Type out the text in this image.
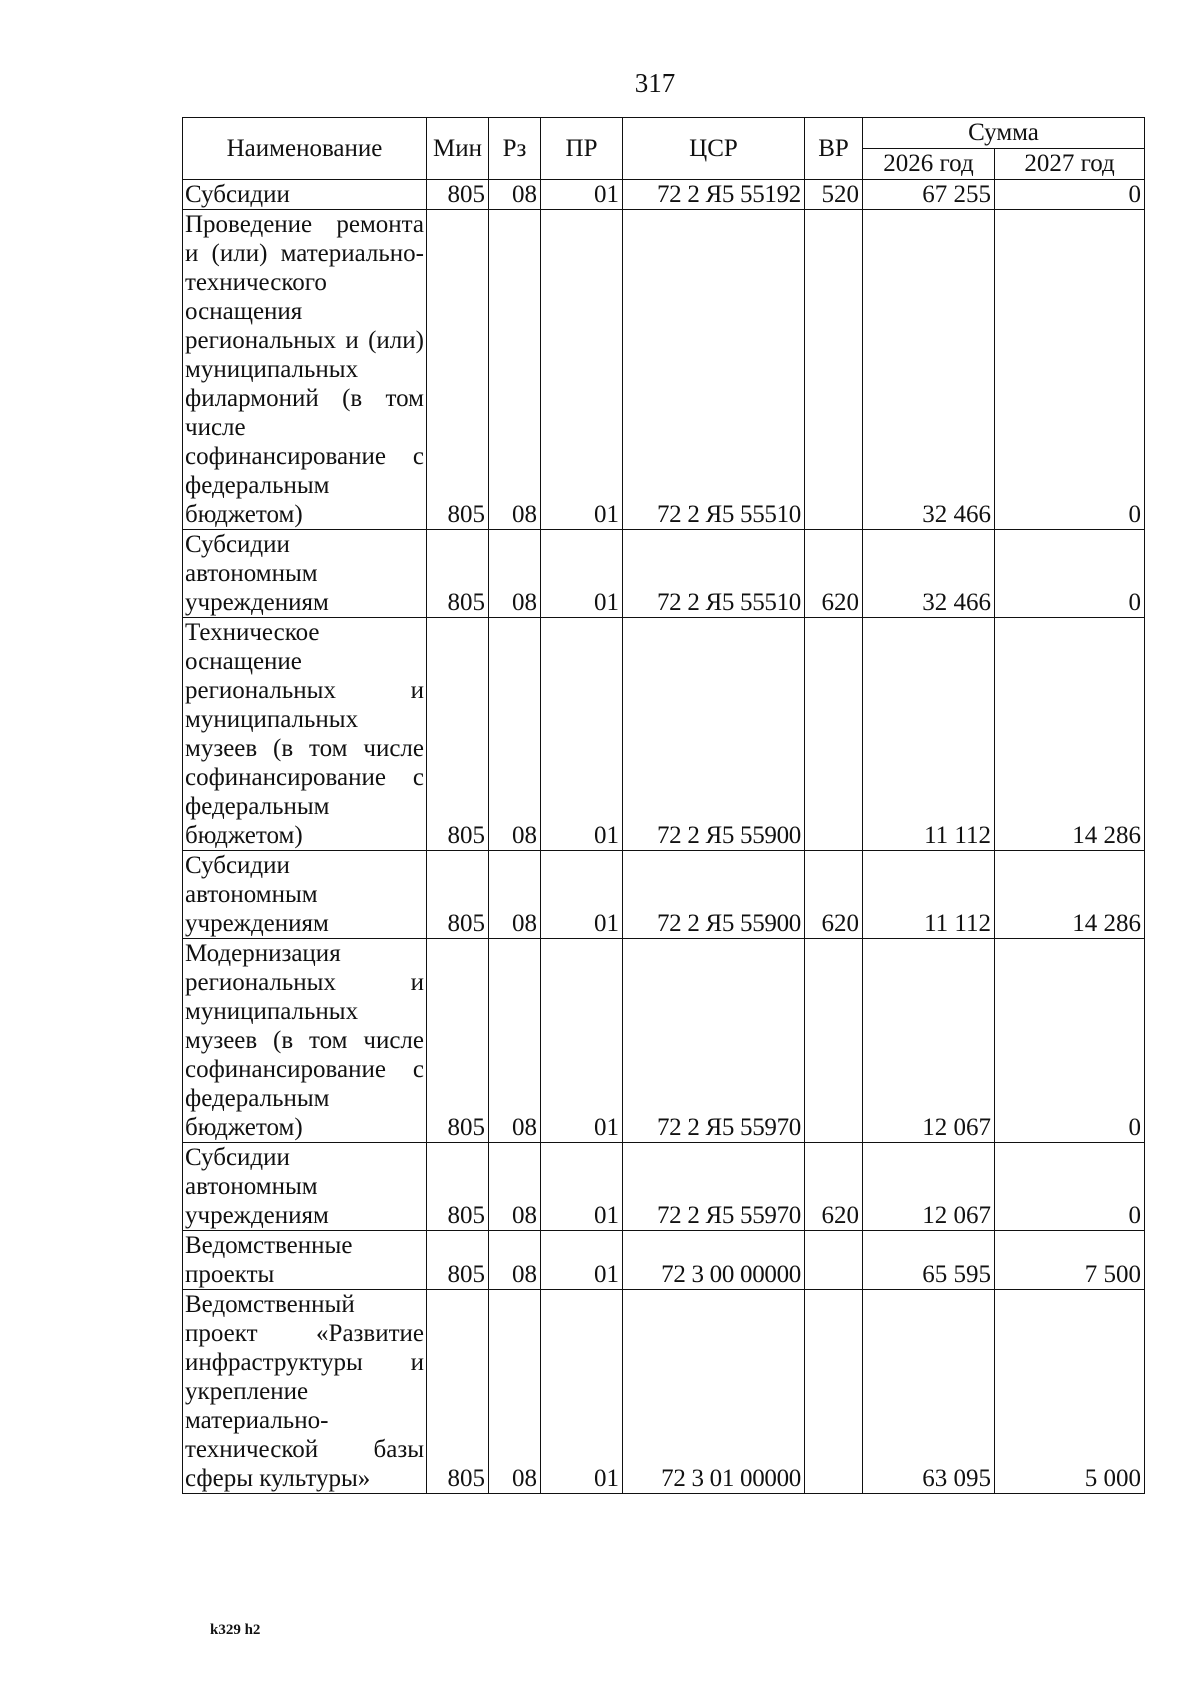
317
Наименование	Мин	Рз	ПР	ЦСР	ВР	Сумма	
						2026 год	2027 год
Субсидии	805	08	01	72 2 Я5 55192	520	67 255	0
Проведение ремонта и (или) материально-технического оснащения региональных и (или) муниципальных филармоний (в том числе софинансирование с федеральным бюджетом)	805	08	01	72 2 Я5 55510		32 466	0
Субсидии автономным учреждениям	805	08	01	72 2 Я5 55510	620	32 466	0
Техническое оснащение региональных и муниципальных музеев (в том числе софинансирование с федеральным бюджетом)	805	08	01	72 2 Я5 55900		11 112	14 286
Субсидии автономным учреждениям	805	08	01	72 2 Я5 55900	620	11 112	14 286
Модернизация региональных и муниципальных музеев (в том числе софинансирование с федеральным бюджетом)	805	08	01	72 2 Я5 55970		12 067	0
Субсидии автономным учреждениям	805	08	01	72 2 Я5 55970	620	12 067	0
Ведомственные проекты	805	08	01	72 3 00 00000		65 595	7 500
Ведомственный проект «Развитие инфраструктуры и укрепление материально-технической базы сферы культуры»	805	08	01	72 3 01 00000		63 095	5 000
k329 h2
